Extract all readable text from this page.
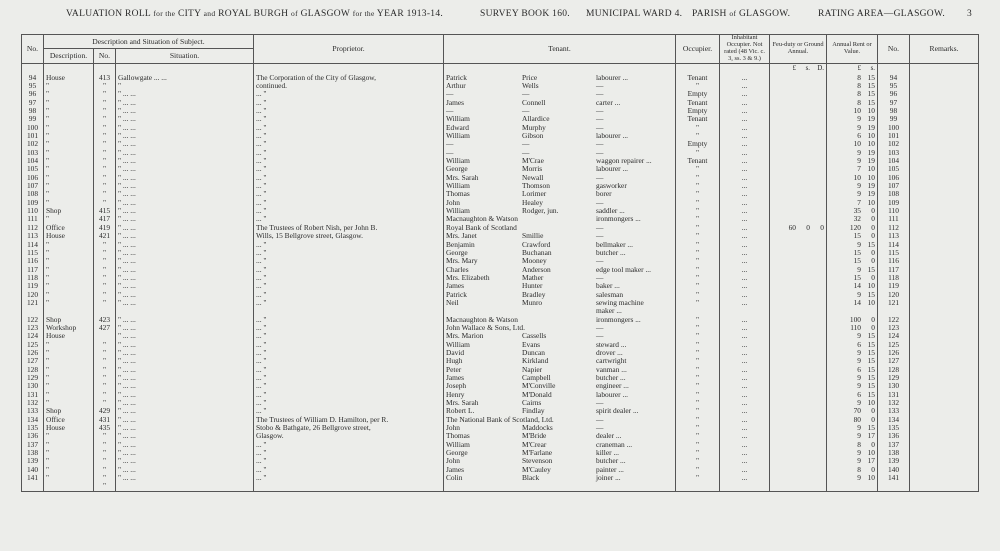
VALUATION ROLL for the CITY and ROYAL BURGH of GLASGOW for the YEAR 1913-14.	SURVEY BOOK 160. MUNICIPAL WARD 4. PARISH of GLASGOW.	RATING AREA—GLASGOW. 3
No.	Description and Situation of Subject.			Proprietor.	Tenant.	Occupier.	Inhabitant Occupier. Not rated (48 Vic. c. 3, ss. 3 & 9.)	Feu-duty or Ground Annual.	Annual Rent or Value.	No.	Remarks.
	Description.	No.	Situation.								

								£ s. D.	£ s.		

94	House	413	Gallowgate ... ...	The Corporation of the City of Glasgow,	Patrick Price labourer ...	Tenant	...		8 15	94	
95	"	"	"	continued.	Arthur Wells —	"	...		8 15	95	
96	"	"	" ... ...	... "	— — —	Empty	...		8 15	96	
97	"	"	" ... ...	... "	James Connell carter ...	Tenant	...		8 15	97	
98	"	"	" ... ...	... "	— — —	Empty	...		10 10	98	
99	"	"	" ... ...	... "	William Allardice —	Tenant	...		9 19	99	
100	"	"	" ... ...	... "	Edward Murphy —	"	...		9 19	100	
101	"	"	" ... ...	... "	William Gibson labourer ...	"	...		6 10	101	
102	"	"	" ... ...	... "	— — —	Empty	...		10 10	102	
103	"	"	" ... ...	... "	— — —	"	...		9 19	103	
104	"	"	" ... ...	... "	William M'Crae waggon repairer ...	Tenant	...		9 19	104	
105	"	"	" ... ...	... "	George Morris labourer ...	"	...		7 10	105	
106	"	"	" ... ...	... "	Mrs. Sarah Newall —	"	...		10 10	106	
107	"	"	" ... ...	... "	William Thomson gasworker	"	...		9 19	107	
108	"	"	" ... ...	... "	Thomas Lorimer borer	"	...		9 19	108	
109	"	"	" ... ...	... "	John Healey —	"	...		7 10	109	
110	Shop	415	" ... ...	... "	William Rodger, jun. saddler ...	"	...		35 0	110	
111	"	417	" ... ...	... "	Macnaughton & Watson ironmongers ...	"	...		32 0	111	
112	Office	419	" ... ...	The Trustees of Robert Nish, per John B.	Royal Bank of Scotland —	"	...	60 0 0	120 0	112	
113	House	421	" ... ...	Wills, 15 Bellgrove street, Glasgow.	Mrs. Janet Smillie —	"	...		15 0	113	
114	"	"	" ... ...	... "	Benjamin Crawford bellmaker ...	"	...		9 15	114	
115	"	"	" ... ...	... "	George Buchanan butcher ...	"	...		15 0	115	
116	"	"	" ... ...	... "	Mrs. Mary Mooney —	"	...		15 0	116	
117	"	"	" ... ...	... "	Charles Anderson edge tool maker ...	"	...		9 15	117	
118	"	"	" ... ...	... "	Mrs. Elizabeth Mather —	"	...		15 0	118	
119	"	"	" ... ...	... "	James Hunter baker ...	"	...		14 10	119	
120	"	"	" ... ...	... "	Patrick Bradley salesman	"	...		9 15	120	
121	"	"	" ... ...	... "	Neil Munro sewing machine	"	...		14 10	121	

					maker ...						

122	Shop	423	" ... ...	... "	Macnaughton & Watson ironmongers ...	"	...		100 0	122	
123	Workshop	427	" ... ...	... "	John Wallace & Sons, Ltd. —	"	...		110 0	123	
124	House		" ... ...	... "	Mrs. Marion Cassells —	"	...		9 15	124	
125	"	"	" ... ...	... "	William Evans steward ...	"	...		6 15	125	
126	"	"	" ... ...	... "	David Duncan drover ...	"	...		9 15	126	
127	"	"	" ... ...	... "	Hugh Kirkland cartwright	"	...		9 15	127	
128	"	"	" ... ...	... "	Peter Napier vanman ...	"	...		6 15	128	
129	"	"	" ... ...	... "	James Campbell butcher ...	"	...		9 15	129	
130	"	"	" ... ...	... "	Joseph M'Conville engineer ...	"	...		9 15	130	
131	"	"	" ... ...	... "	Henry M'Donald labourer ...	"	...		6 15	131	
132	"	"	" ... ...	... "	Mrs. Sarah Cairns —	"	...		9 10	132	
133	Shop	429	" ... ...	... "	Robert L. Findlay spirit dealer ...	"	...		70 0	133	
134	Office	431	" ... ...	The Trustees of William D. Hamilton, per R.	The National Bank of Scotland, Ltd. —	"	...		80 0	134	
135	House	435	" ... ...	Stobo & Bathgate, 26 Bellgrove street,	John Maddocks —	"	...		9 15	135	
136	"	"	" ... ...	Glasgow.	Thomas M'Bride dealer ...	"	...		9 17	136	
137	"	"	" ... ...	... "	William M'Crear craneman ...	"	...		8 0	137	
138	"	"	" ... ...	... "	George M'Farlane killer ...	"	...		9 10	138	
139	"	"	" ... ...	... "	John Stevenson butcher ...	"	...		9 17	139	
140	"	"	" ... ...	... "	James M'Cauley painter ...	"	...		8 0	140	
141	"	"	" ... ...	... "	Colin Black joiner ...	"	...		9 10	141	
		"			
